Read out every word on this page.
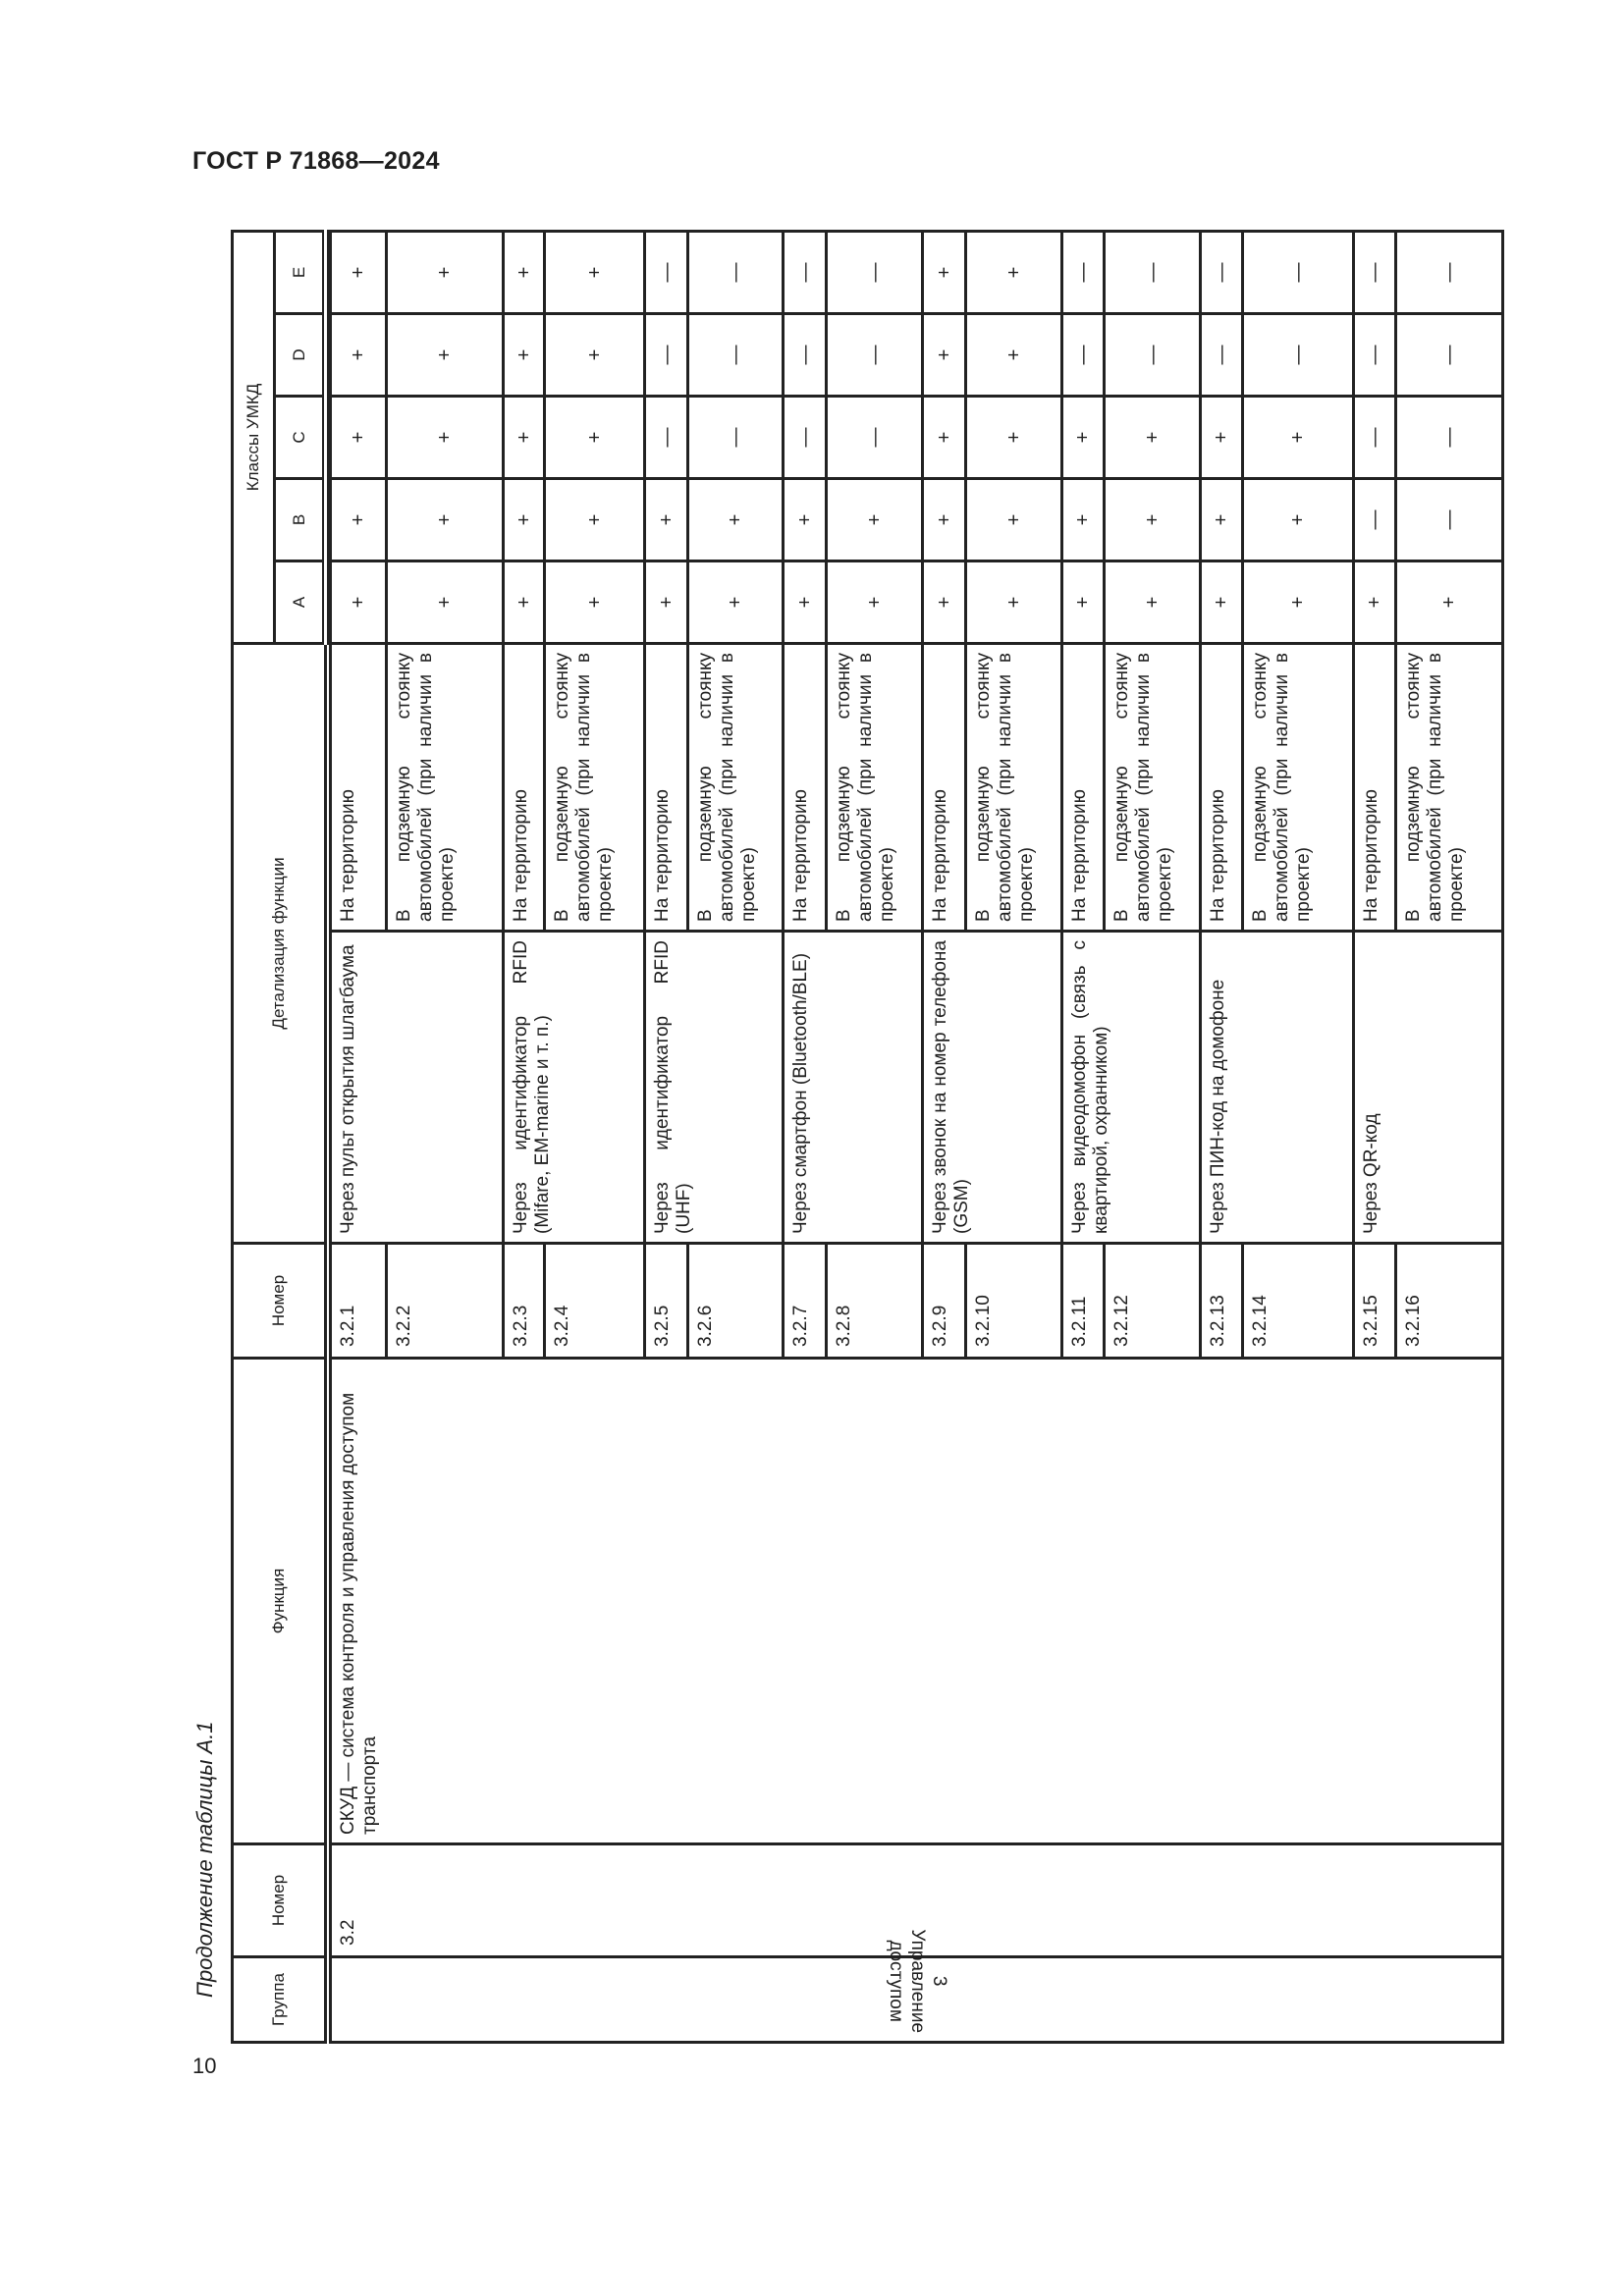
ГОСТ Р 71868—2024
Продолжение таблицы А.1
10
Группа	Номер	Функция	Номер	Детализация функции		Классы УМКД				
						A	B	C	D	E

3 Управление доступом	3.2	СКУД — система контроля и управления доступом транспорта	3.2.1	Через пульт открытия шлагбаума	На территорию	+	+	+	+	+
			3.2.2		В подземную стоянку автомобилей (при наличии в проекте)	+	+	+	+	+
			3.2.3	Через идентификатор RFID (Mifare, EM-marine и т. п.)	На территорию	+	+	+	+	+
			3.2.4		В подземную стоянку автомобилей (при наличии в проекте)	+	+	+	+	+
			3.2.5	Через идентификатор RFID (UHF)	На территорию	+	+	—	—	—
			3.2.6		В подземную стоянку автомобилей (при наличии в проекте)	+	+	—	—	—
			3.2.7	Через смартфон (Bluetooth/BLE)	На территорию	+	+	—	—	—
			3.2.8		В подземную стоянку автомобилей (при наличии в проекте)	+	+	—	—	—
			3.2.9	Через звонок на номер телефона (GSM)	На территорию	+	+	+	+	+
			3.2.10		В подземную стоянку автомобилей (при наличии в проекте)	+	+	+	+	+
			3.2.11	Через видеодомофон (связь с квартирой, охранником)	На территорию	+	+	+	—	—
			3.2.12		В подземную стоянку автомобилей (при наличии в проекте)	+	+	+	—	—
			3.2.13	Через ПИН-код на домофоне	На территорию	+	+	+	—	—
			3.2.14		В подземную стоянку автомобилей (при наличии в проекте)	+	+	+	—	—
			3.2.15	Через QR-код	На территорию	+	—	—	—	—
			3.2.16		В подземную стоянку автомобилей (при наличии в проекте)	+	—	—	—	—
